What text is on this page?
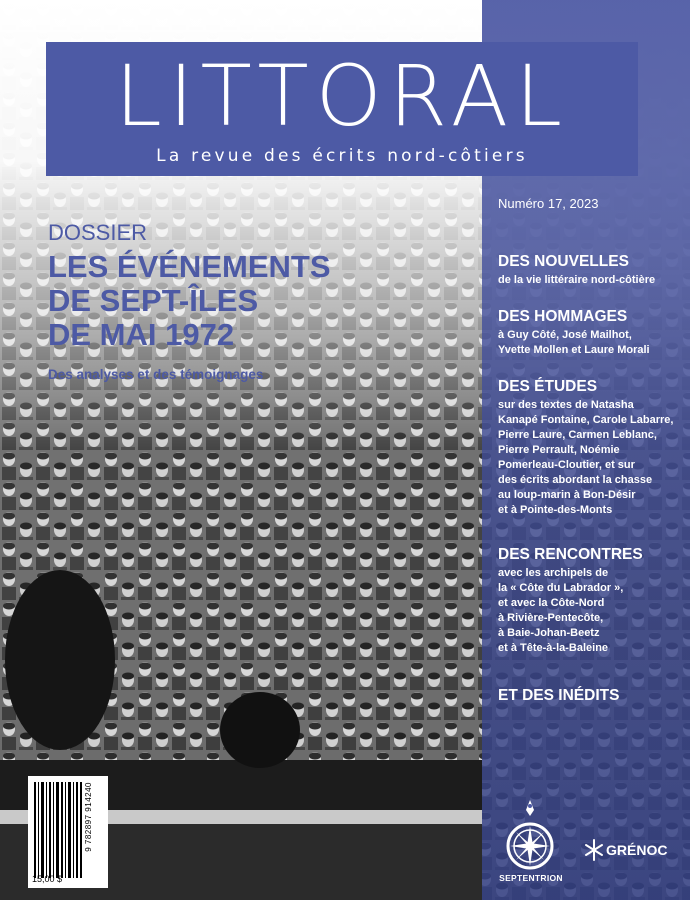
LITTORAL
La revue des écrits nord-côtiers
Numéro 17, 2023
DOSSIER
LES ÉVÉNEMENTS
DE SEPT-ÎLES
DE MAI 1972
Des analyses et des témoignages
DES NOUVELLES
de la vie littéraire nord-côtière
DES HOMMAGES
à Guy Côté, José Mailhot,
Yvette Mollen et Laure Morali
DES ÉTUDES
sur des textes de Natasha
Kanapé Fontaine, Carole Labarre,
Pierre Laure, Carmen Leblanc,
Pierre Perrault, Noémie
Pomerleau-Cloutier, et sur
des écrits abordant la chasse
au loup-marin à Bon-Désir
et à Pointe-des-Monts
DES RENCONTRES
avec les archipels de
la « Côte du Labrador »,
et avec la Côte-Nord
à Rivière-Pentecôte,
à Baie-Johan-Beetz
et à Tête-à-la-Baleine
ET DES INÉDITS
9 782897 914240
15,00 $	SEPTENTRION
GRÉNOC
